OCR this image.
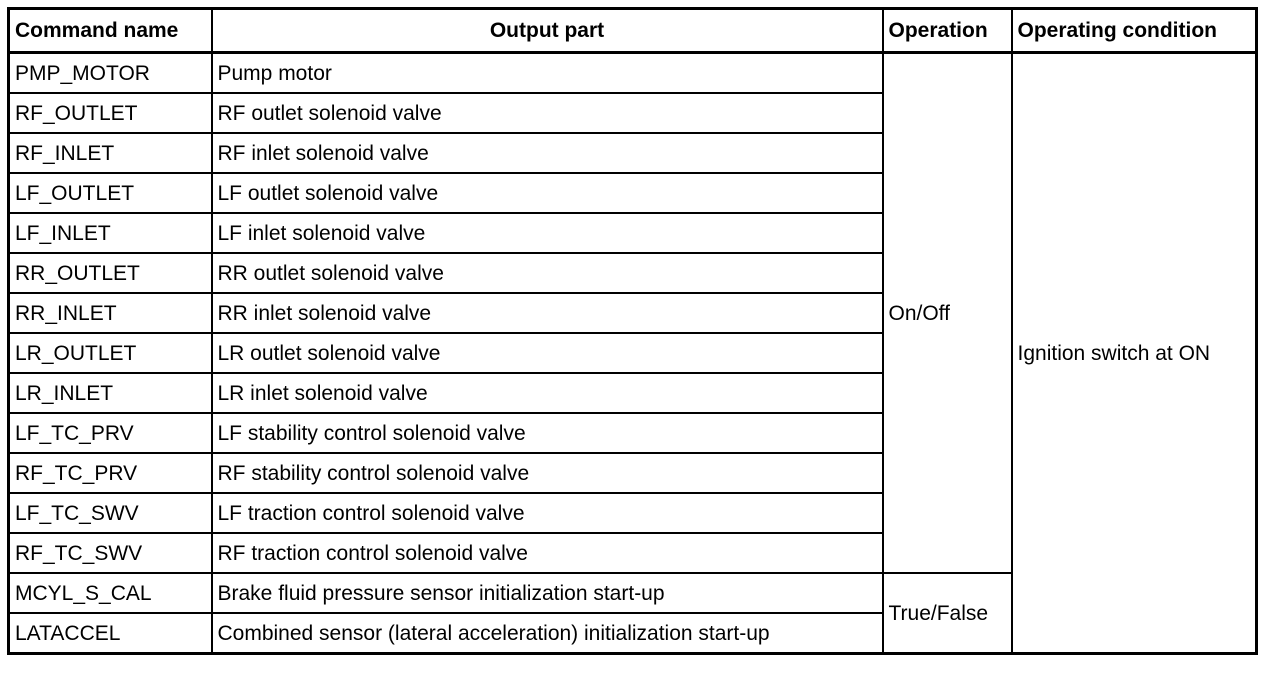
Command name	Output part	Operation	Operating condition
PMP_MOTOR	Pump motor	On/Off	Ignition switch at ON
RF_OUTLET	RF outlet solenoid valve		
RF_INLET	RF inlet solenoid valve		
LF_OUTLET	LF outlet solenoid valve		
LF_INLET	LF inlet solenoid valve		
RR_OUTLET	RR outlet solenoid valve		
RR_INLET	RR inlet solenoid valve		
LR_OUTLET	LR outlet solenoid valve		
LR_INLET	LR inlet solenoid valve		
LF_TC_PRV	LF stability control solenoid valve		
RF_TC_PRV	RF stability control solenoid valve		
LF_TC_SWV	LF traction control solenoid valve		
RF_TC_SWV	RF traction control solenoid valve		
MCYL_S_CAL	Brake fluid pressure sensor initialization start-up	True/False	
LATACCEL	Combined sensor (lateral acceleration) initialization start-up		
